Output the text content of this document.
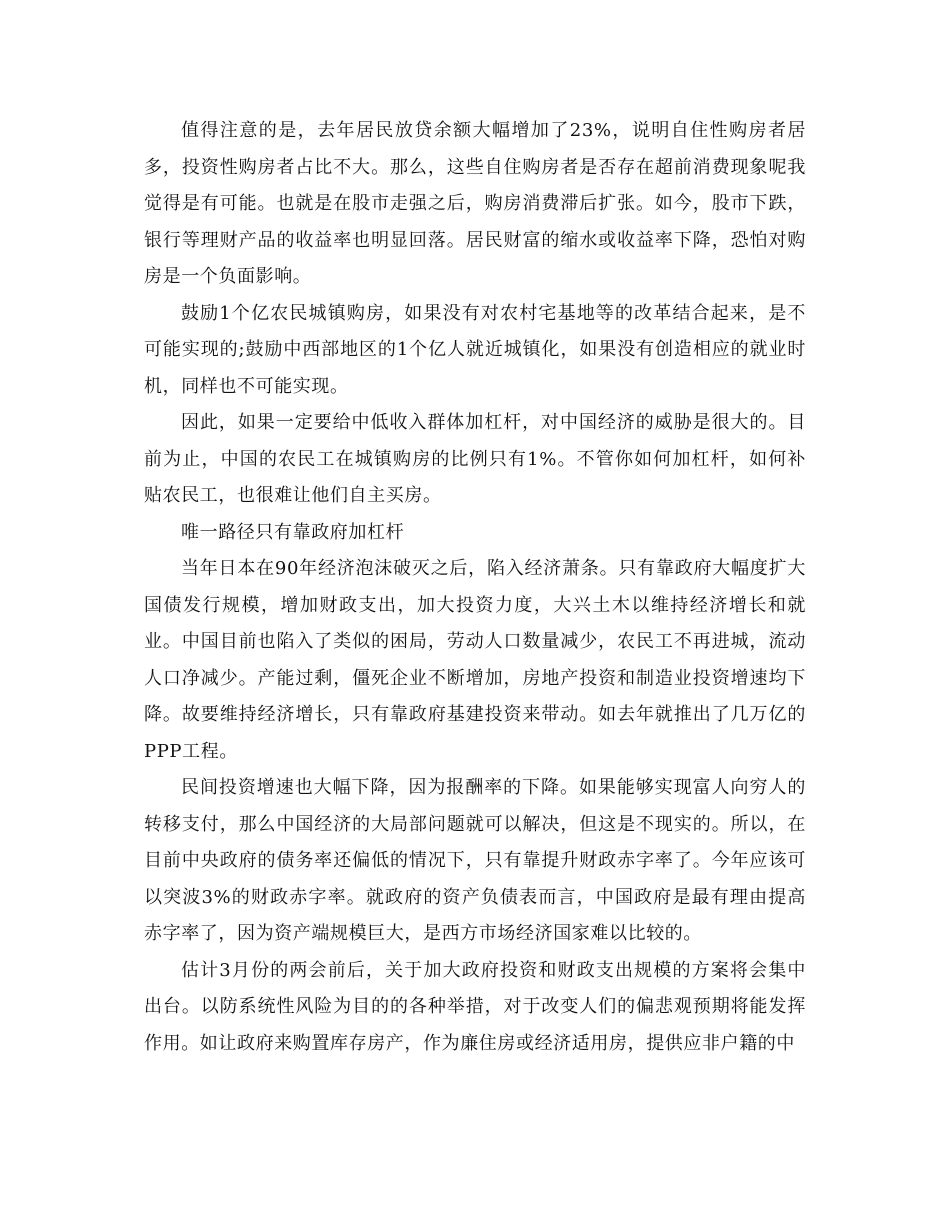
值得注意的是，去年居民放贷余额大幅增加了23%，说明自住性购房者居多，投资性购房者占比不大。那么，这些自住购房者是否存在超前消费现象呢我觉得是有可能。也就是在股市走强之后，购房消费滞后扩张。如今，股市下跌，银行等理财产品的收益率也明显回落。居民财富的缩水或收益率下降，恐怕对购房是一个负面影响。

鼓励1个亿农民城镇购房，如果没有对农村宅基地等的改革结合起来，是不可能实现的;鼓励中西部地区的1个亿人就近城镇化，如果没有创造相应的就业时机，同样也不可能实现。

因此，如果一定要给中低收入群体加杠杆，对中国经济的威胁是很大的。目前为止，中国的农民工在城镇购房的比例只有1%。不管你如何加杠杆，如何补贴农民工，也很难让他们自主买房。

唯一路径只有靠政府加杠杆

当年日本在90年经济泡沫破灭之后，陷入经济萧条。只有靠政府大幅度扩大国债发行规模，增加财政支出，加大投资力度，大兴土木以维持经济增长和就业。中国目前也陷入了类似的困局，劳动人口数量减少，农民工不再进城，流动人口净减少。产能过剩，僵死企业不断增加，房地产投资和制造业投资增速均下降。故要维持经济增长，只有靠政府基建投资来带动。如去年就推出了几万亿的PPP工程。

民间投资增速也大幅下降，因为报酬率的下降。如果能够实现富人向穷人的转移支付，那么中国经济的大局部问题就可以解决，但这是不现实的。所以，在目前中央政府的债务率还偏低的情况下，只有靠提升财政赤字率了。今年应该可以突波3%的财政赤字率。就政府的资产负债表而言，中国政府是最有理由提高赤字率了，因为资产端规模巨大，是西方市场经济国家难以比较的。

估计3月份的两会前后，关于加大政府投资和财政支出规模的方案将会集中出台。以防系统性风险为目的的各种举措，对于改变人们的偏悲观预期将能发挥作用。如让政府来购置库存房产，作为廉住房或经济适用房，提供应非户籍的中
